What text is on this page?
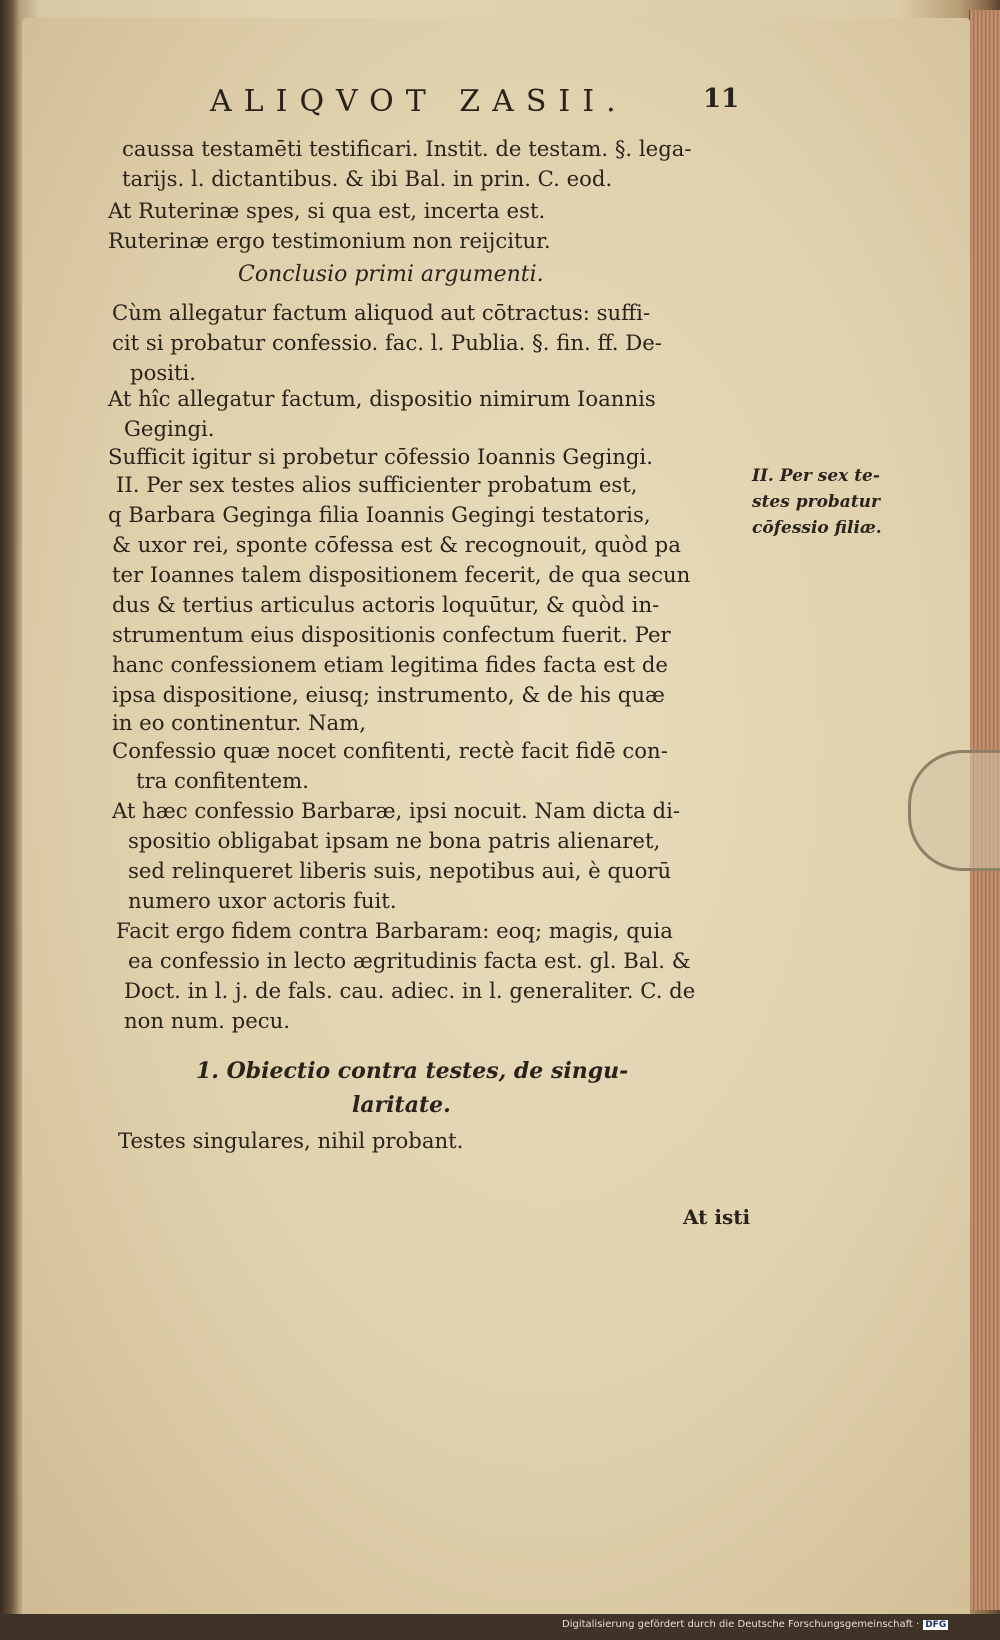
ALIQVOT ZASII.	11
caussa testamēti testificari. Instit. de testam. §. lega-
tarijs. l. dictantibus. & ibi Bal. in prin. C. eod.
At Ruterinæ spes, si qua est, incerta est.
Ruterinæ ergo testimonium non reijcitur.
Cùm allegatur factum aliquod aut cōtractus: suffi-
cit si probatur confessio. fac. l. Publia. §. fin. ff. De-
positi.
At hîc allegatur factum, dispositio nimirum Ioannis
Gegingi.
Sufficit igitur si probetur cōfessio Ioannis Gegingi.
II. Per sex testes alios sufficienter probatum est,
q Barbara Geginga filia Ioannis Gegingi testatoris,
& uxor rei, sponte cōfessa est & recognouit, quòd pa
ter Ioannes talem dispositionem fecerit, de qua secun
dus & tertius articulus actoris loquūtur, & quòd in-
strumentum eius dispositionis confectum fuerit. Per
hanc confessionem etiam legitima fides facta est de
ipsa dispositione, eiusq; instrumento, & de his quæ
in eo continentur. Nam,
Confessio quæ nocet confitenti, rectè facit fidē con-
tra confitentem.
At hæc confessio Barbaræ, ipsi nocuit. Nam dicta di-
spositio obligabat ipsam ne bona patris alienaret,
sed relinqueret liberis suis, nepotibus aui, è quorū
numero uxor actoris fuit.
Facit ergo fidem contra Barbaram: eoq; magis, quia
ea confessio in lecto ægritudinis facta est. gl. Bal. &
Doct. in l. j. de fals. cau. adiec. in l. generaliter. C. de
non num. pecu.
Testes singulares, nihil probant.
Conclusio primi argumenti.
1. Obiectio contra testes, de singu-
laritate.
II. Per sex te-
stes probatur
cōfessio filiæ.
At isti
Digitalisierung gefördert durch die Deutsche Forschungsgemeinschaft · DFG
